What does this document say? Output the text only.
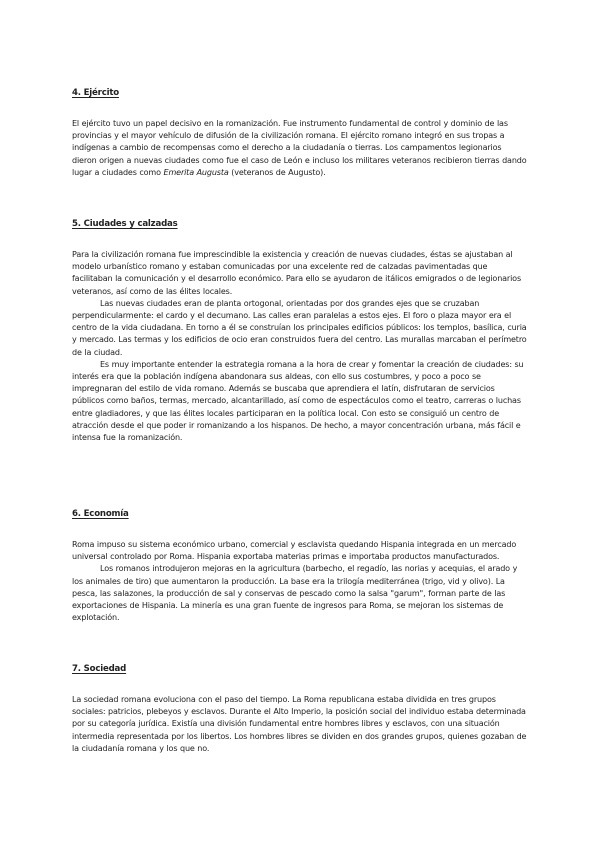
4. Ejército

El ejército tuvo un papel decisivo en la romanización. Fue instrumento fundamental de control y dominio de las provincias y el mayor vehículo de difusión de la civilización romana. El ejército romano integró en sus tropas a indígenas a cambio de recompensas como el derecho a la ciudadanía o tierras. Los campamentos legionarios dieron origen a nuevas ciudades como fue el caso de León e incluso los militares veteranos recibieron tierras dando lugar a ciudades como Emerita Augusta (veteranos de Augusto).

5. Ciudades y calzadas

Para la civilización romana fue imprescindible la existencia y creación de nuevas ciudades, éstas se ajustaban al modelo urbanístico romano y estaban comunicadas por una excelente red de calzadas pavimentadas que facilitaban la comunicación y el desarrollo económico. Para ello se ayudaron de itálicos emigrados o de legionarios veteranos, así como de las élites locales.

Las nuevas ciudades eran de planta ortogonal, orientadas por dos grandes ejes que se cruzaban perpendicularmente: el cardo y el decumano. Las calles eran paralelas a estos ejes. El foro o plaza mayor era el centro de la vida ciudadana. En torno a él se construían los principales edificios públicos: los templos, basílica, curia y mercado. Las termas y los edificios de ocio eran construidos fuera del centro. Las murallas marcaban el perímetro de la ciudad.

Es muy importante entender la estrategia romana a la hora de crear y fomentar la creación de ciudades: su interés era que la población indígena abandonara sus aldeas, con ello sus costumbres, y poco a poco se impregnaran del estilo de vida romano. Además se buscaba que aprendiera el latín, disfrutaran de servicios públicos como baños, termas, mercado, alcantarillado, así como de espectáculos como el teatro, carreras o luchas entre gladiadores, y que las élites locales participaran en la política local. Con esto se consiguió un centro de atracción desde el que poder ir romanizando a los hispanos. De hecho, a mayor concentración urbana, más fácil e intensa fue la romanización.

6. Economía

Roma impuso su sistema económico urbano, comercial y esclavista quedando Hispania integrada en un mercado universal controlado por Roma. Hispania exportaba materias primas e importaba productos manufacturados.

Los romanos introdujeron mejoras en la agricultura (barbecho, el regadío, las norias y acequias, el arado y los animales de tiro) que aumentaron la producción. La base era la trilogía mediterránea (trigo, vid y olivo). La pesca, las salazones, la producción de sal y conservas de pescado como la salsa "garum", forman parte de las exportaciones de Hispania. La minería es una gran fuente de ingresos para Roma, se mejoran los sistemas de explotación.

7. Sociedad

La sociedad romana evoluciona con el paso del tiempo. La Roma republicana estaba dividida en tres grupos sociales: patricios, plebeyos y esclavos. Durante el Alto Imperio, la posición social del individuo estaba determinada por su categoría jurídica. Existía una división fundamental entre hombres libres y esclavos, con una situación intermedia representada por los libertos. Los hombres libres se dividen en dos grandes grupos, quienes gozaban de la ciudadanía romana y los que no.
